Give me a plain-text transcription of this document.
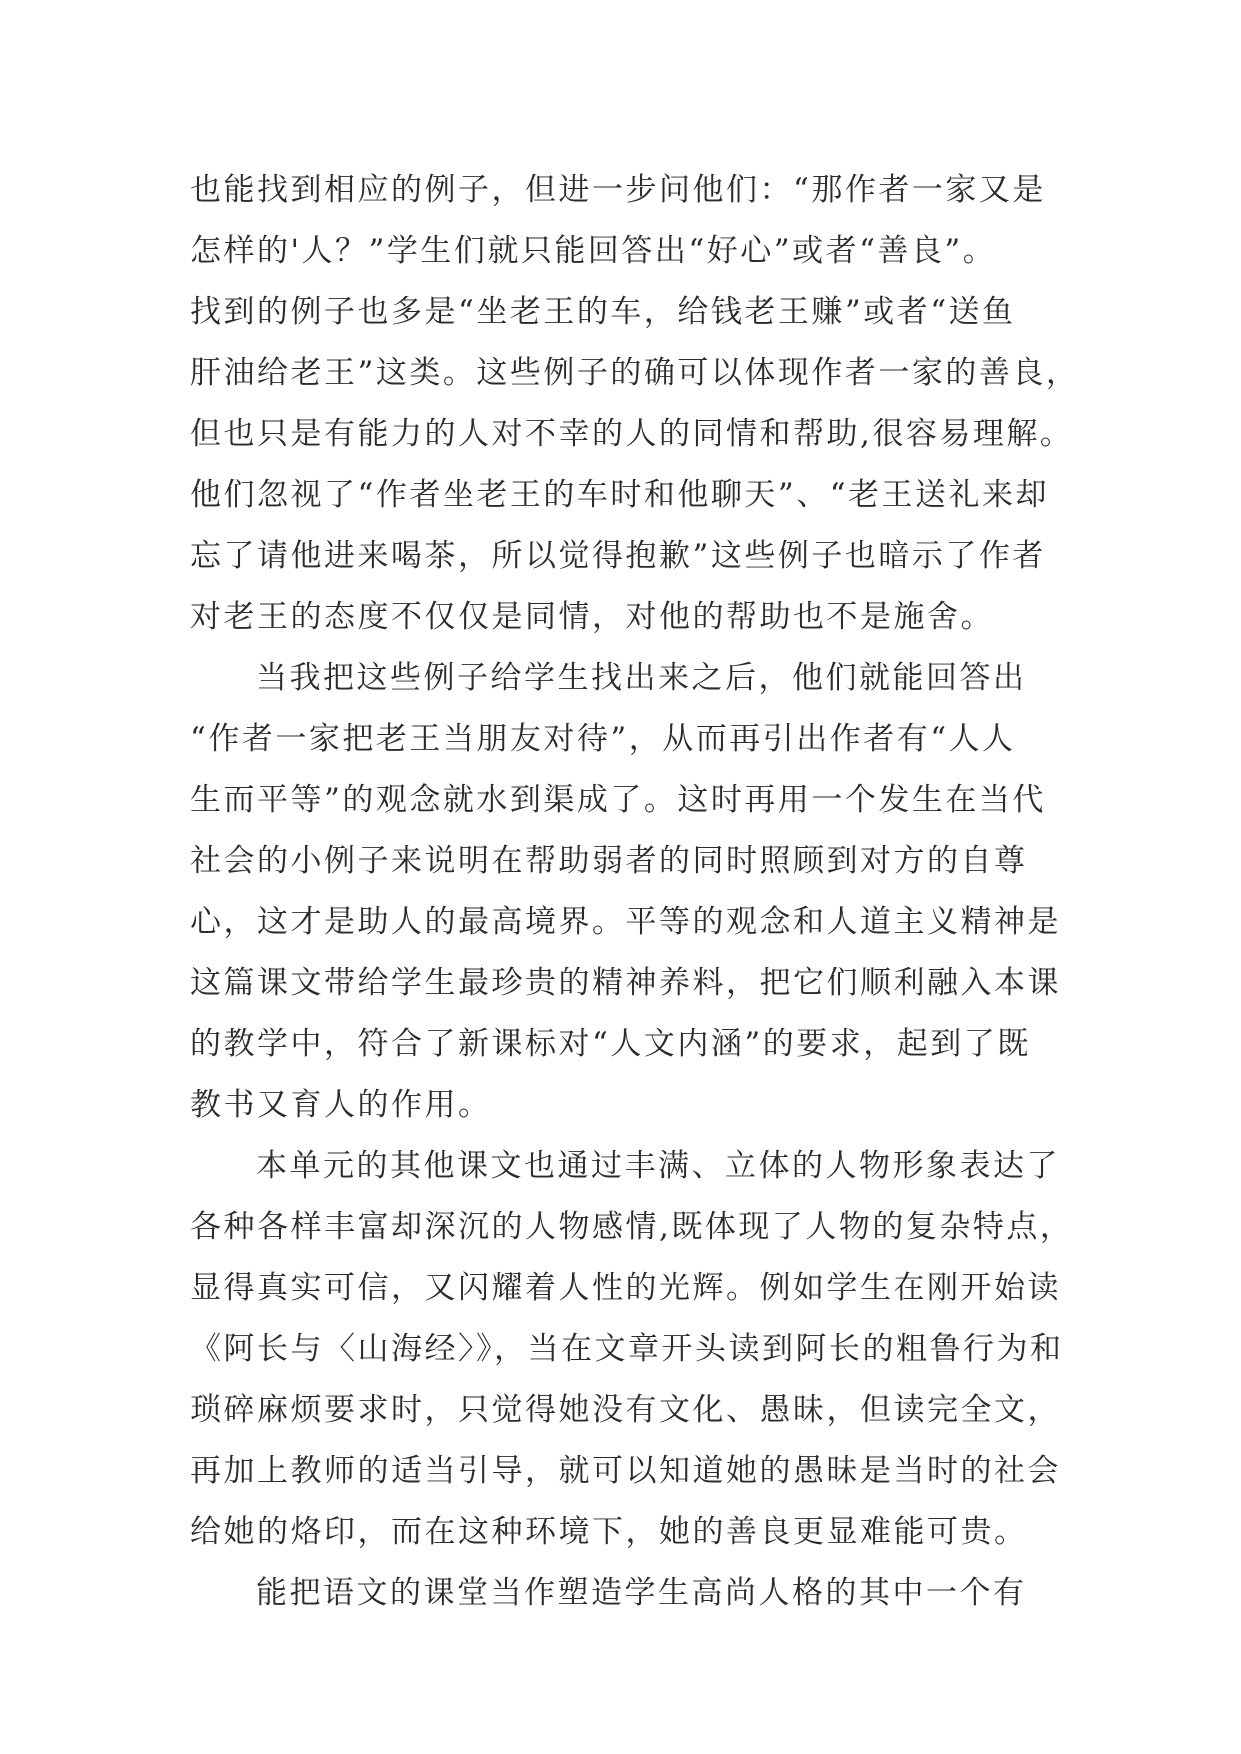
也能找到相应的例子，但进一步问他们：“那作者一家又是
怎样的'人？”学生们就只能回答出“好心”或者“善良”。
找到的例子也多是“坐老王的车，给钱老王赚”或者“送鱼
肝油给老王”这类。这些例子的确可以体现作者一家的善良，
但也只是有能力的人对不幸的人的同情和帮助,很容易理解。
他们忽视了“作者坐老王的车时和他聊天”、“老王送礼来却
忘了请他进来喝茶，所以觉得抱歉”这些例子也暗示了作者
对老王的态度不仅仅是同情，对他的帮助也不是施舍。
当我把这些例子给学生找出来之后，他们就能回答出
“作者一家把老王当朋友对待”，从而再引出作者有“人人
生而平等”的观念就水到渠成了。这时再用一个发生在当代
社会的小例子来说明在帮助弱者的同时照顾到对方的自尊
心，这才是助人的最高境界。平等的观念和人道主义精神是
这篇课文带给学生最珍贵的精神养料，把它们顺利融入本课
的教学中，符合了新课标对“人文内涵”的要求，起到了既
教书又育人的作用。
本单元的其他课文也通过丰满、立体的人物形象表达了
各种各样丰富却深沉的人物感情,既体现了人物的复杂特点，
显得真实可信，又闪耀着人性的光辉。例如学生在刚开始读
《阿长与〈山海经〉》，当在文章开头读到阿长的粗鲁行为和
琐碎麻烦要求时，只觉得她没有文化、愚昧，但读完全文，
再加上教师的适当引导，就可以知道她的愚昧是当时的社会
给她的烙印，而在这种环境下，她的善良更显难能可贵。
能把语文的课堂当作塑造学生高尚人格的其中一个有
